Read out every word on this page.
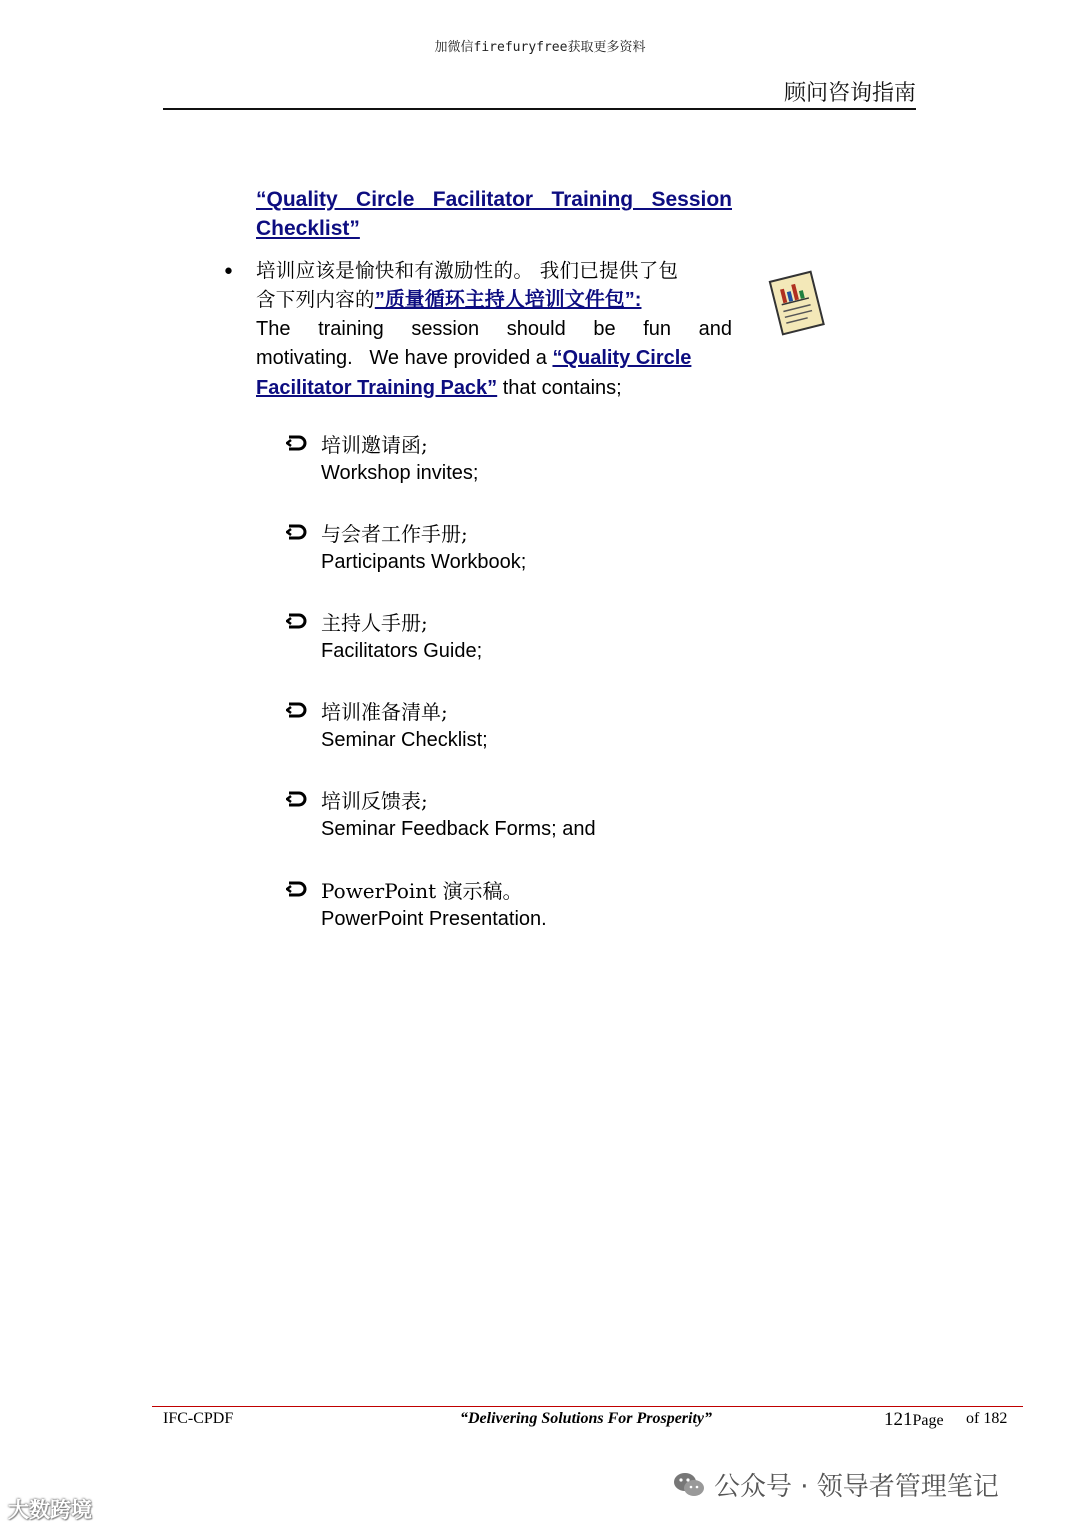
加微信firefuryfree获取更多资料
顾问咨询指南
“Quality Circle Facilitator Training Session Checklist”
• 培训应该是愉快和有激励性的。 我们已提供了包
含下列内容的”质量循环主持人培训文件包”:
The training session should be fun and
motivating.   We have provided a “Quality Circle Facilitator Training Pack” that contains;
培训邀请函;
Workshop invites;
与会者工作手册;
Participants Workbook;
主持人手册;
Facilitators Guide;
培训准备清单;
Seminar Checklist;
培训反馈表;
Seminar Feedback Forms; and
PowerPoint 演示稿。
PowerPoint Presentation.
IFC-CPDF	“Delivering Solutions For Prosperity”	121Page of 182
大数跨境
公众号 · 领导者管理笔记
